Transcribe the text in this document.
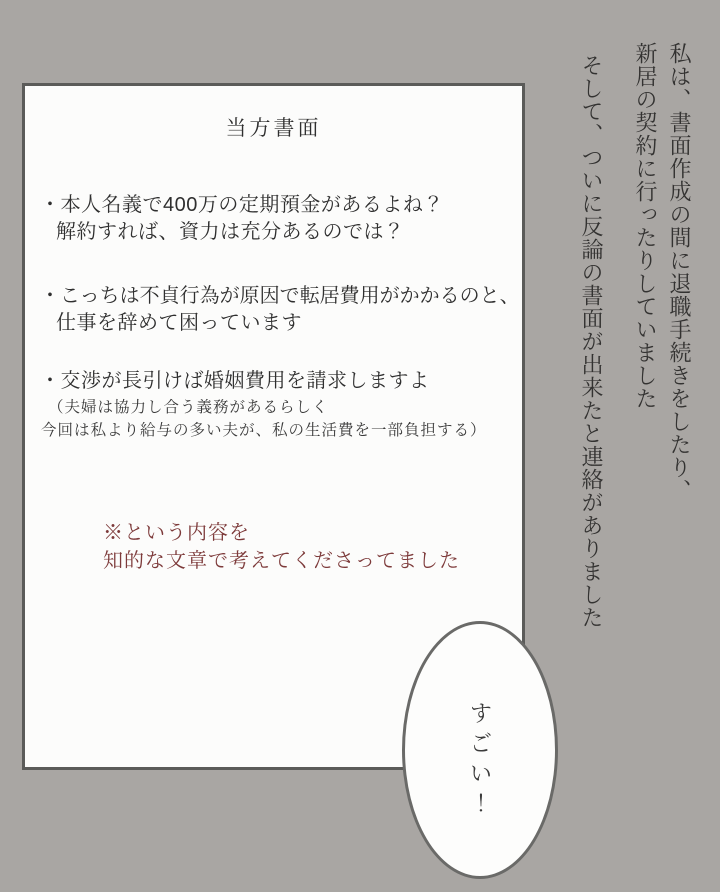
当方書面
・本人名義で400万の定期預金があるよね？
解約すれば、資力は充分あるのでは？
・こっちは不貞行為が原因で転居費用がかかるのと、
仕事を辞めて困っています
・交渉が長引けば婚姻費用を請求しますよ
（夫婦は協力し合う義務があるらしく
今回は私より給与の多い夫が、私の生活費を一部負担する）
※という内容を
知的な文章で考えてくださってました
私は、書面作成の間に退職手続きをしたり、
新居の契約に行ったりしていました
そして、ついに反論の書面が出来たと連絡がありました
すごい！
